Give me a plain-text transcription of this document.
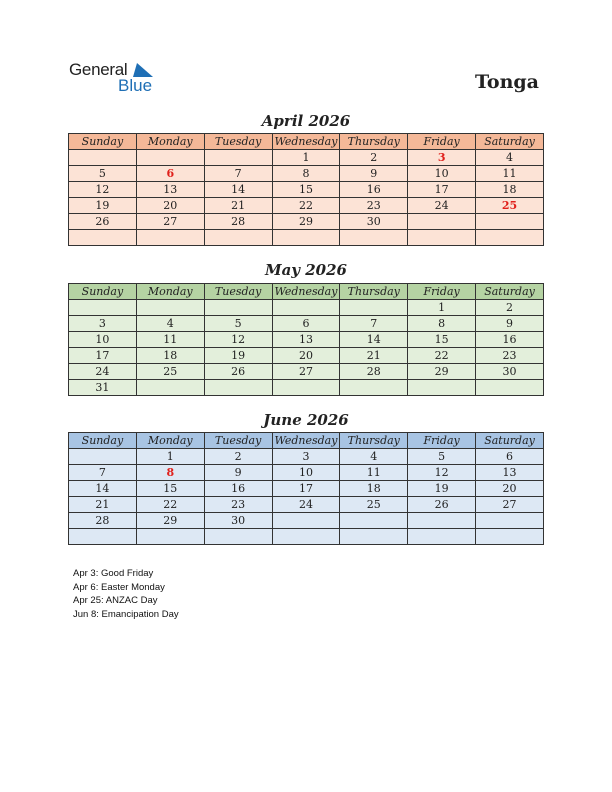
General
Blue	Tonga
April 2026
Sunday	Monday	Tuesday	Wednesday	Thursday	Friday	Saturday
			1	2	3	4
5	6	7	8	9	10	11
12	13	14	15	16	17	18
19	20	21	22	23	24	25
26	27	28	29	30		

May 2026
Sunday	Monday	Tuesday	Wednesday	Thursday	Friday	Saturday
					1	2
3	4	5	6	7	8	9
10	11	12	13	14	15	16
17	18	19	20	21	22	23
24	25	26	27	28	29	30
31						
June 2026
Sunday	Monday	Tuesday	Wednesday	Thursday	Friday	Saturday
	1	2	3	4	5	6
7	8	9	10	11	12	13
14	15	16	17	18	19	20
21	22	23	24	25	26	27
28	29	30				

Apr 3: Good Friday
Apr 6: Easter Monday
Apr 25: ANZAC Day
Jun 8: Emancipation Day
